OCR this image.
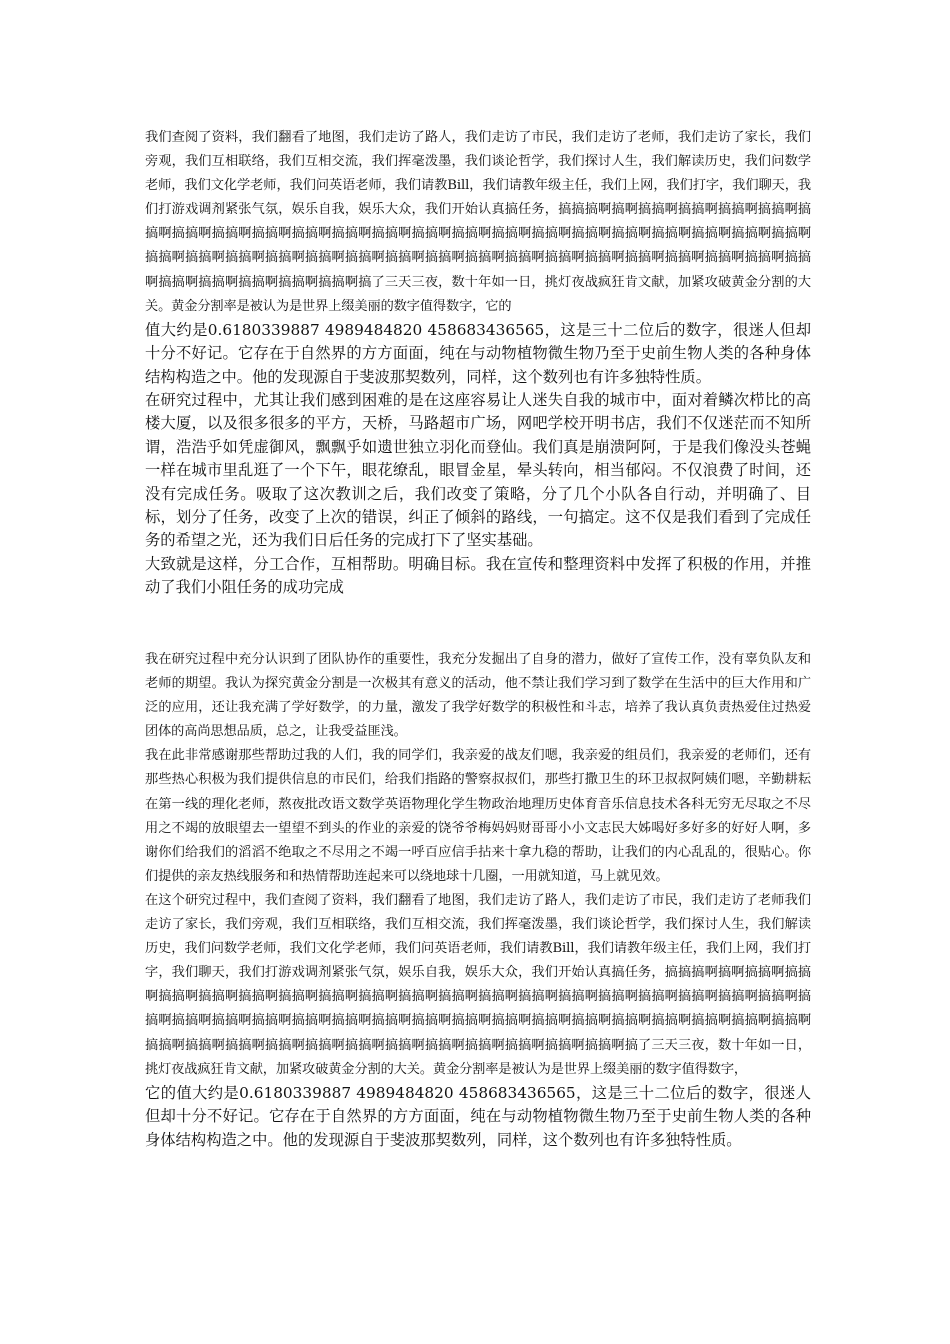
我们查阅了资料，我们翻看了地图，我们走访了路人，我们走访了市民，我们走访了老师，我们走访了家长，我们旁观，我们互相联络，我们互相交流，我们挥毫泼墨，我们谈论哲学，我们探讨人生，我们解读历史，我们问数学老师，我们文化学老师，我们问英语老师，我们请教Bill，我们请教年级主任，我们上网，我们打字，我们聊天，我们打游戏调剂紧张气氛，娱乐自我，娱乐大众，我们开始认真搞任务，搞搞搞啊搞啊搞搞啊搞搞啊搞搞啊搞搞啊搞搞啊搞搞啊搞搞啊搞搞啊搞搞啊搞搞啊搞搞啊搞搞啊搞搞啊搞搞啊搞搞啊搞搞啊搞搞啊搞搞啊搞搞啊搞搞啊搞搞啊搞搞啊搞搞啊搞搞啊搞搞啊搞搞啊搞搞啊搞搞啊搞搞啊搞搞啊搞搞啊搞搞啊搞搞啊搞搞啊搞搞啊搞搞啊搞搞啊搞搞啊搞搞啊搞搞啊搞搞啊搞搞啊搞搞啊搞了三天三夜，数十年如一日，挑灯夜战疯狂肯文献，加紧攻破黄金分割的大关。黄金分割率是被认为是世界上缀美丽的数字值得数字，它的

值大约是0.6180339887 4989484820 458683436565，这是三十二位后的数字，很迷人但却十分不好记。它存在于自然界的方方面面，纯在与动物植物微生物乃至于史前生物人类的各种身体结构构造之中。他的发现源自于斐波那契数列，同样，这个数列也有许多独特性质。

在研究过程中，尤其让我们感到困难的是在这座容易让人迷失自我的城市中，面对着鳞次栉比的高楼大厦，以及很多很多的平方，天桥，马路超市广场，网吧学校开明书店，我们不仅迷茫而不知所谓，浩浩乎如凭虚御风，飘飘乎如遗世独立羽化而登仙。我们真是崩溃阿阿，于是我们像没头苍蝇一样在城市里乱逛了一个下午，眼花缭乱，眼冒金星，晕头转向，相当郁闷。不仅浪费了时间，还没有完成任务。吸取了这次教训之后，我们改变了策略，分了几个小队各自行动，并明确了、目标，划分了任务，改变了上次的错误，纠正了倾斜的路线，一句搞定。这不仅是我们看到了完成任务的希望之光，还为我们日后任务的完成打下了坚实基础。

大致就是这样，分工合作，互相帮助。明确目标。我在宣传和整理资料中发挥了积极的作用，并推动了我们小阻任务的成功完成

我在研究过程中充分认识到了团队协作的重要性，我充分发掘出了自身的潜力，做好了宣传工作，没有辜负队友和老师的期望。我认为探究黄金分割是一次极其有意义的活动，他不禁让我们学习到了数学在生活中的巨大作用和广泛的应用，还让我充满了学好数学，的力量，激发了我学好数学的积极性和斗志，培养了我认真负责热爱住过热爱团体的高尚思想品质，总之，让我受益匪浅。

我在此非常感谢那些帮助过我的人们，我的同学们，我亲爱的战友们嗯，我亲爱的组员们，我亲爱的老师们，还有那些热心积极为我们提供信息的市民们，给我们指路的警察叔叔们，那些打撒卫生的环卫叔叔阿姨们嗯，辛勤耕耘在第一线的理化老师，熬夜批改语文数学英语物理化学生物政治地理历史体育音乐信息技术各科无穷无尽取之不尽用之不竭的放眼望去一望望不到头的作业的亲爱的饶爷爷梅妈妈财哥哥小小文志民大姊喝好多好多的好好人啊，多谢你们给我们的滔滔不绝取之不尽用之不竭一呼百应信手拈来十拿九稳的帮助，让我们的内心乱乱的，很贴心。你们提供的亲友热线服务和和热情帮助连起来可以绕地球十几圈，一用就知道，马上就见效。

在这个研究过程中，我们查阅了资料，我们翻看了地图，我们走访了路人，我们走访了市民，我们走访了老师我们走访了家长，我们旁观，我们互相联络，我们互相交流，我们挥毫泼墨，我们谈论哲学，我们探讨人生，我们解读历史，我们问数学老师，我们文化学老师，我们问英语老师，我们请教Bill，我们请教年级主任，我们上网，我们打字，我们聊天，我们打游戏调剂紧张气氛，娱乐自我，娱乐大众，我们开始认真搞任务，搞搞搞啊搞啊搞搞啊搞搞啊搞搞啊搞搞啊搞搞啊搞搞啊搞搞啊搞搞啊搞搞啊搞搞啊搞搞啊搞搞啊搞搞啊搞搞啊搞搞啊搞搞啊搞搞啊搞搞啊搞搞啊搞搞啊搞搞啊搞搞啊搞搞啊搞搞啊搞搞啊搞搞啊搞搞啊搞搞啊搞搞啊搞搞啊搞搞啊搞搞啊搞搞啊搞搞啊搞搞啊搞搞啊搞搞啊搞搞啊搞搞啊搞搞啊搞搞啊搞搞啊搞搞啊搞搞啊搞搞啊搞搞啊搞搞啊搞了三天三夜，数十年如一日，挑灯夜战疯狂肯文献，加紧攻破黄金分割的大关。黄金分割率是被认为是世界上缀美丽的数字值得数字，

它的值大约是0.6180339887 4989484820 458683436565，这是三十二位后的数字，很迷人但却十分不好记。它存在于自然界的方方面面，纯在与动物植物微生物乃至于史前生物人类的各种身体结构构造之中。他的发现源自于斐波那契数列，同样，这个数列也有许多独特性质。
